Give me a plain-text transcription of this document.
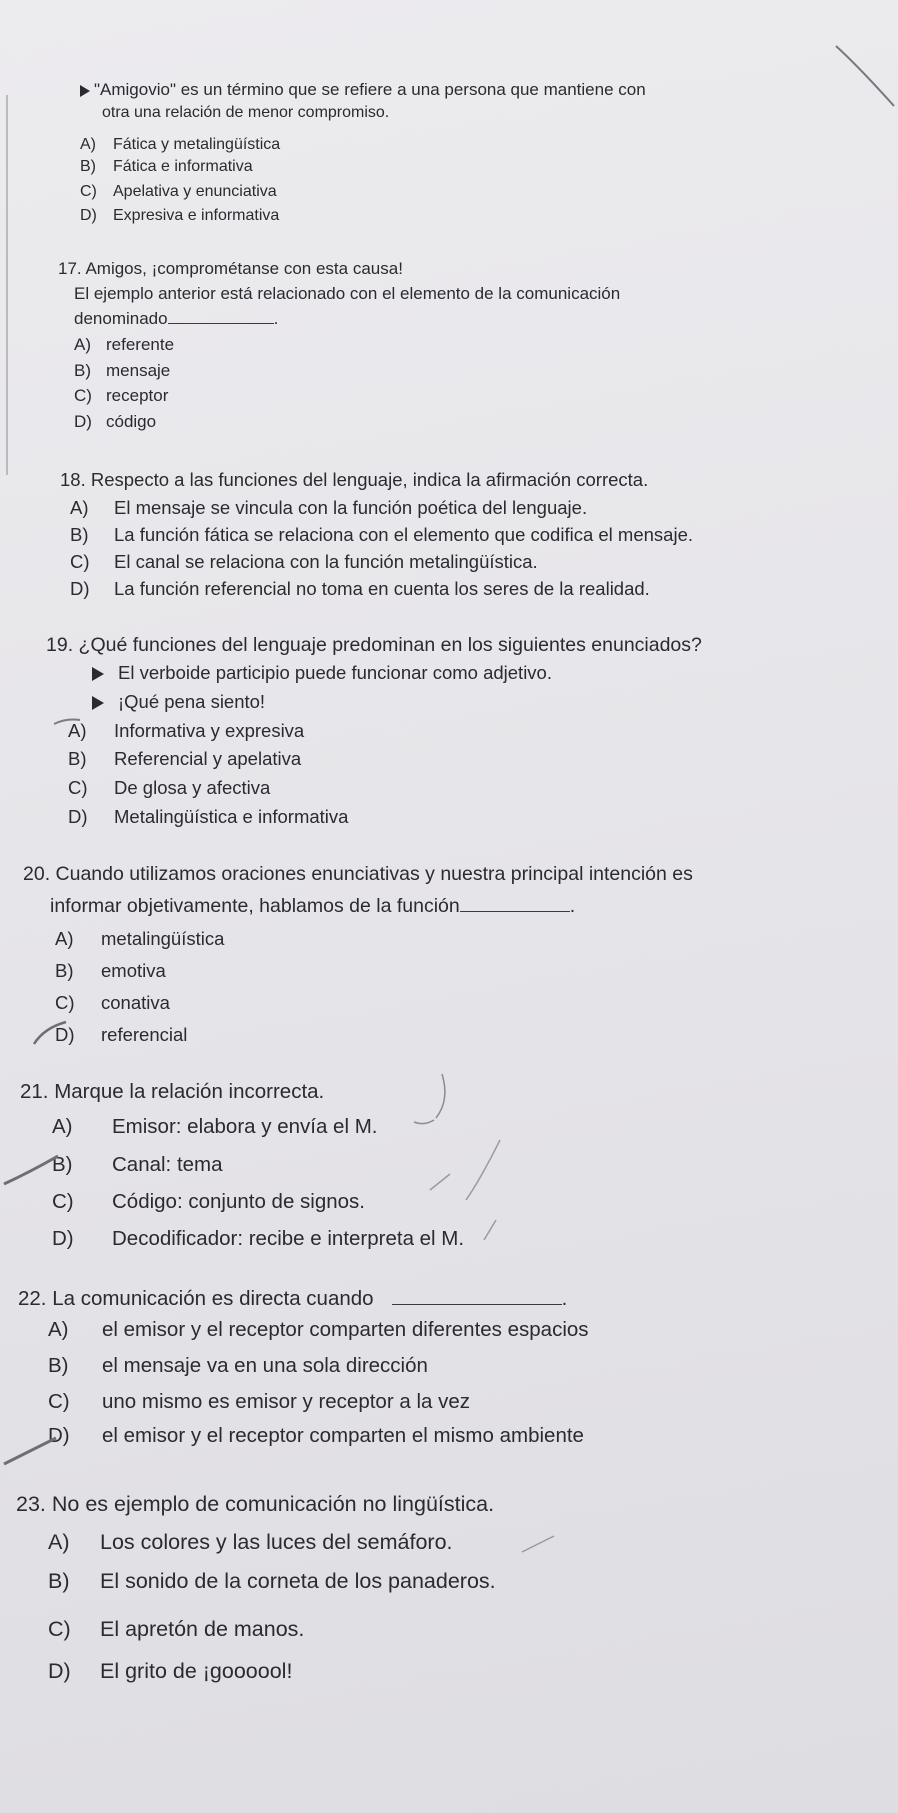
"Amigovio" es un término que se refiere a una persona que mantiene con
otra una relación de menor compromiso.
A) Fática y metalingüística
B) Fática e informativa
C) Apelativa y enunciativa
D) Expresiva e informativa
17. Amigos, ¡comprométanse con esta causa!
El ejemplo anterior está relacionado con el elemento de la comunicación
denominado	.
A) referente
B) mensaje
C) receptor
D) código
18. Respecto a las funciones del lenguaje, indica la afirmación correcta.
A) El mensaje se vincula con la función poética del lenguaje.
B) La función fática se relaciona con el elemento que codifica el mensaje.
C) El canal se relaciona con la función metalingüística.
D) La función referencial no toma en cuenta los seres de la realidad.
19. ¿Qué funciones del lenguaje predominan en los siguientes enunciados?
El verboide participio puede funcionar como adjetivo.
¡Qué pena siento!
A) Informativa y expresiva
B) Referencial y apelativa
C) De glosa y afectiva
D) Metalingüística e informativa
20. Cuando utilizamos oraciones enunciativas y nuestra principal intención es
informar objetivamente, hablamos de la función	.
A) metalingüística
B) emotiva
C) conativa
D) referencial
21. Marque la relación incorrecta.
A) Emisor: elabora y envía el M.
B) Canal: tema
C) Código: conjunto de signos.
D) Decodificador: recibe e interpreta el M.
22. La comunicación es directa cuando	.
A) el emisor y el receptor comparten diferentes espacios
B) el mensaje va en una sola dirección
C) uno mismo es emisor y receptor a la vez
D) el emisor y el receptor comparten el mismo ambiente
23. No es ejemplo de comunicación no lingüística.
A) Los colores y las luces del semáforo.
B) El sonido de la corneta de los panaderos.
C) El apretón de manos.
D) El grito de ¡goooool!
